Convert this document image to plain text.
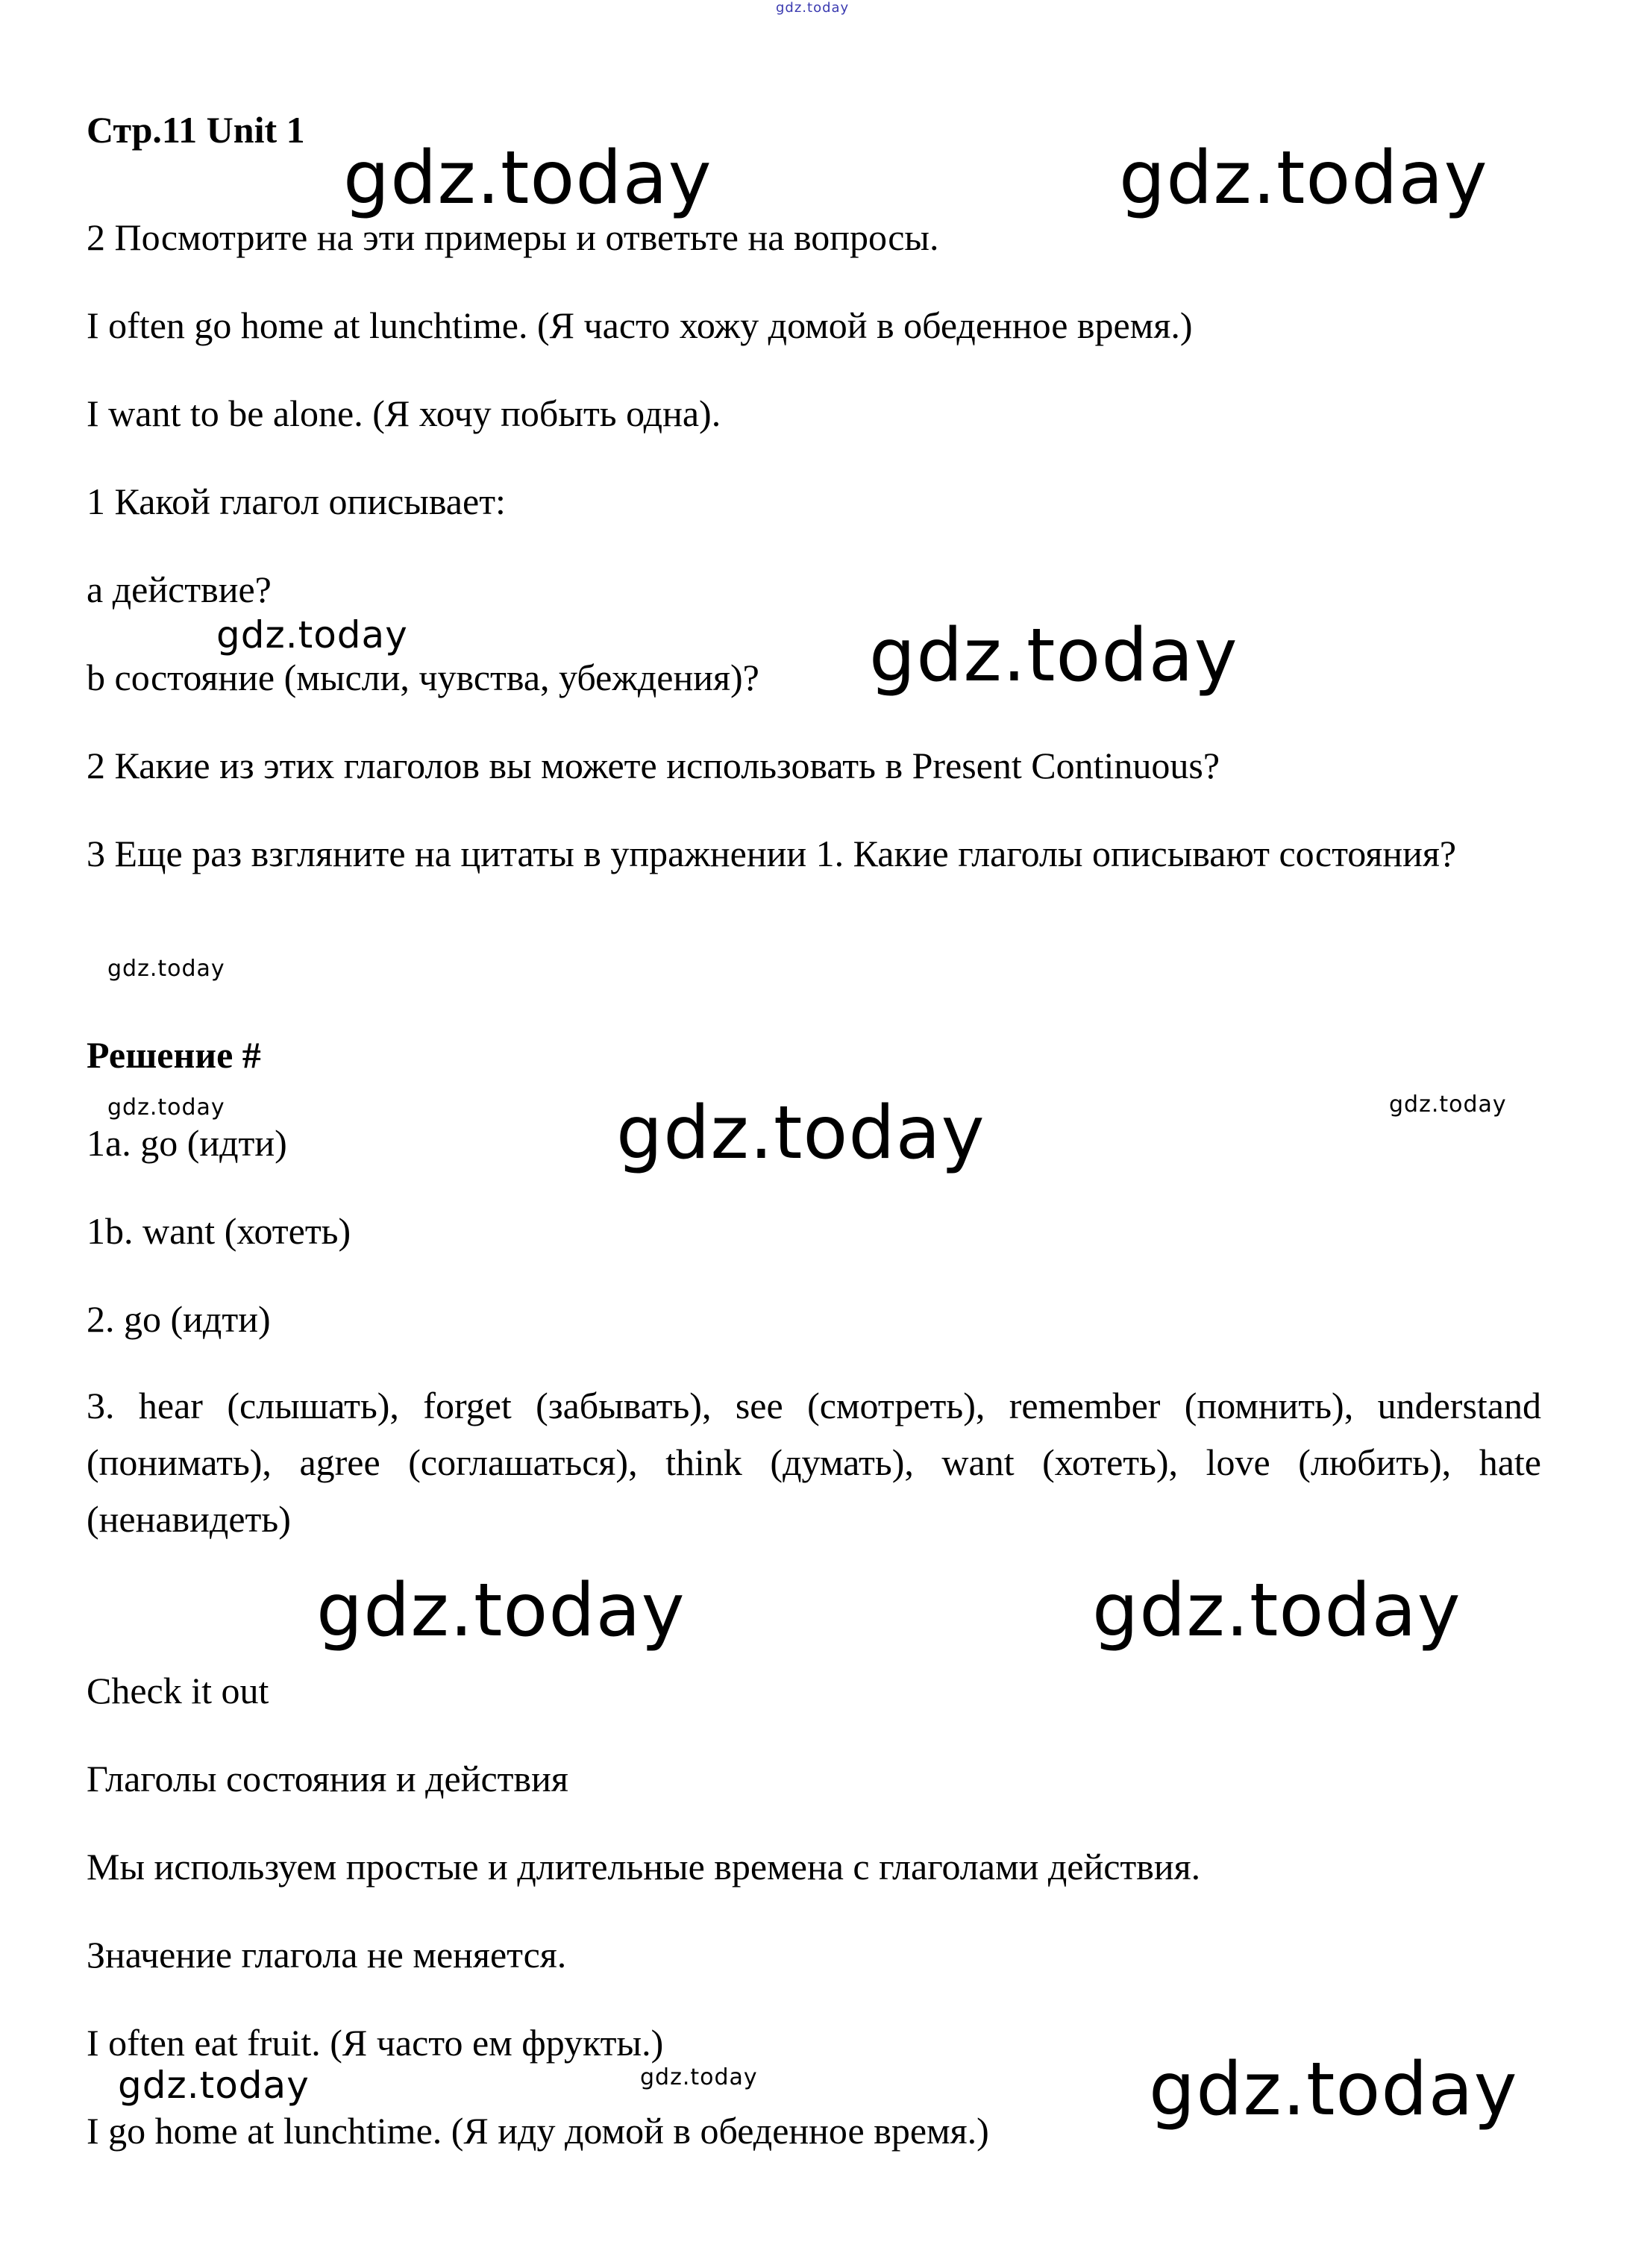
gdz.today
Стр.11 Unit 1
gdz.today	gdz.today
2 Посмотрите на эти примеры и ответьте на вопросы.
I often go home at lunchtime. (Я часто хожу домой в обеденное время.)
I want to be alone. (Я хочу побыть одна).
1 Какой глагол описывает:
a действие?
gdz.today
b состояние (мысли, чувства, убеждения)?	gdz.today
2 Какие из этих глаголов вы можете использовать в Present Continuous?
3 Еще раз взгляните на цитаты в упражнении 1. Какие глаголы описывают состояния?
gdz.today
Решение #
gdz.today	gdz.today
gdz.today
1a. go (идти)
1b. want (хотеть)
2. go (идти)
3. hear (слышать), forget (забывать), see (смотреть), remember (помнить), understand (понимать), agree (соглашаться), think (думать), want (хотеть), love (любить), hate (ненавидеть)
gdz.today	gdz.today
Check it out
Глаголы состояния и действия
Мы используем простые и длительные времена с глаголами действия.
Значение глагола не меняется.
I often eat fruit. (Я часто ем фрукты.)
gdz.today	gdz.today	gdz.today
I go home at lunchtime. (Я иду домой в обеденное время.)
